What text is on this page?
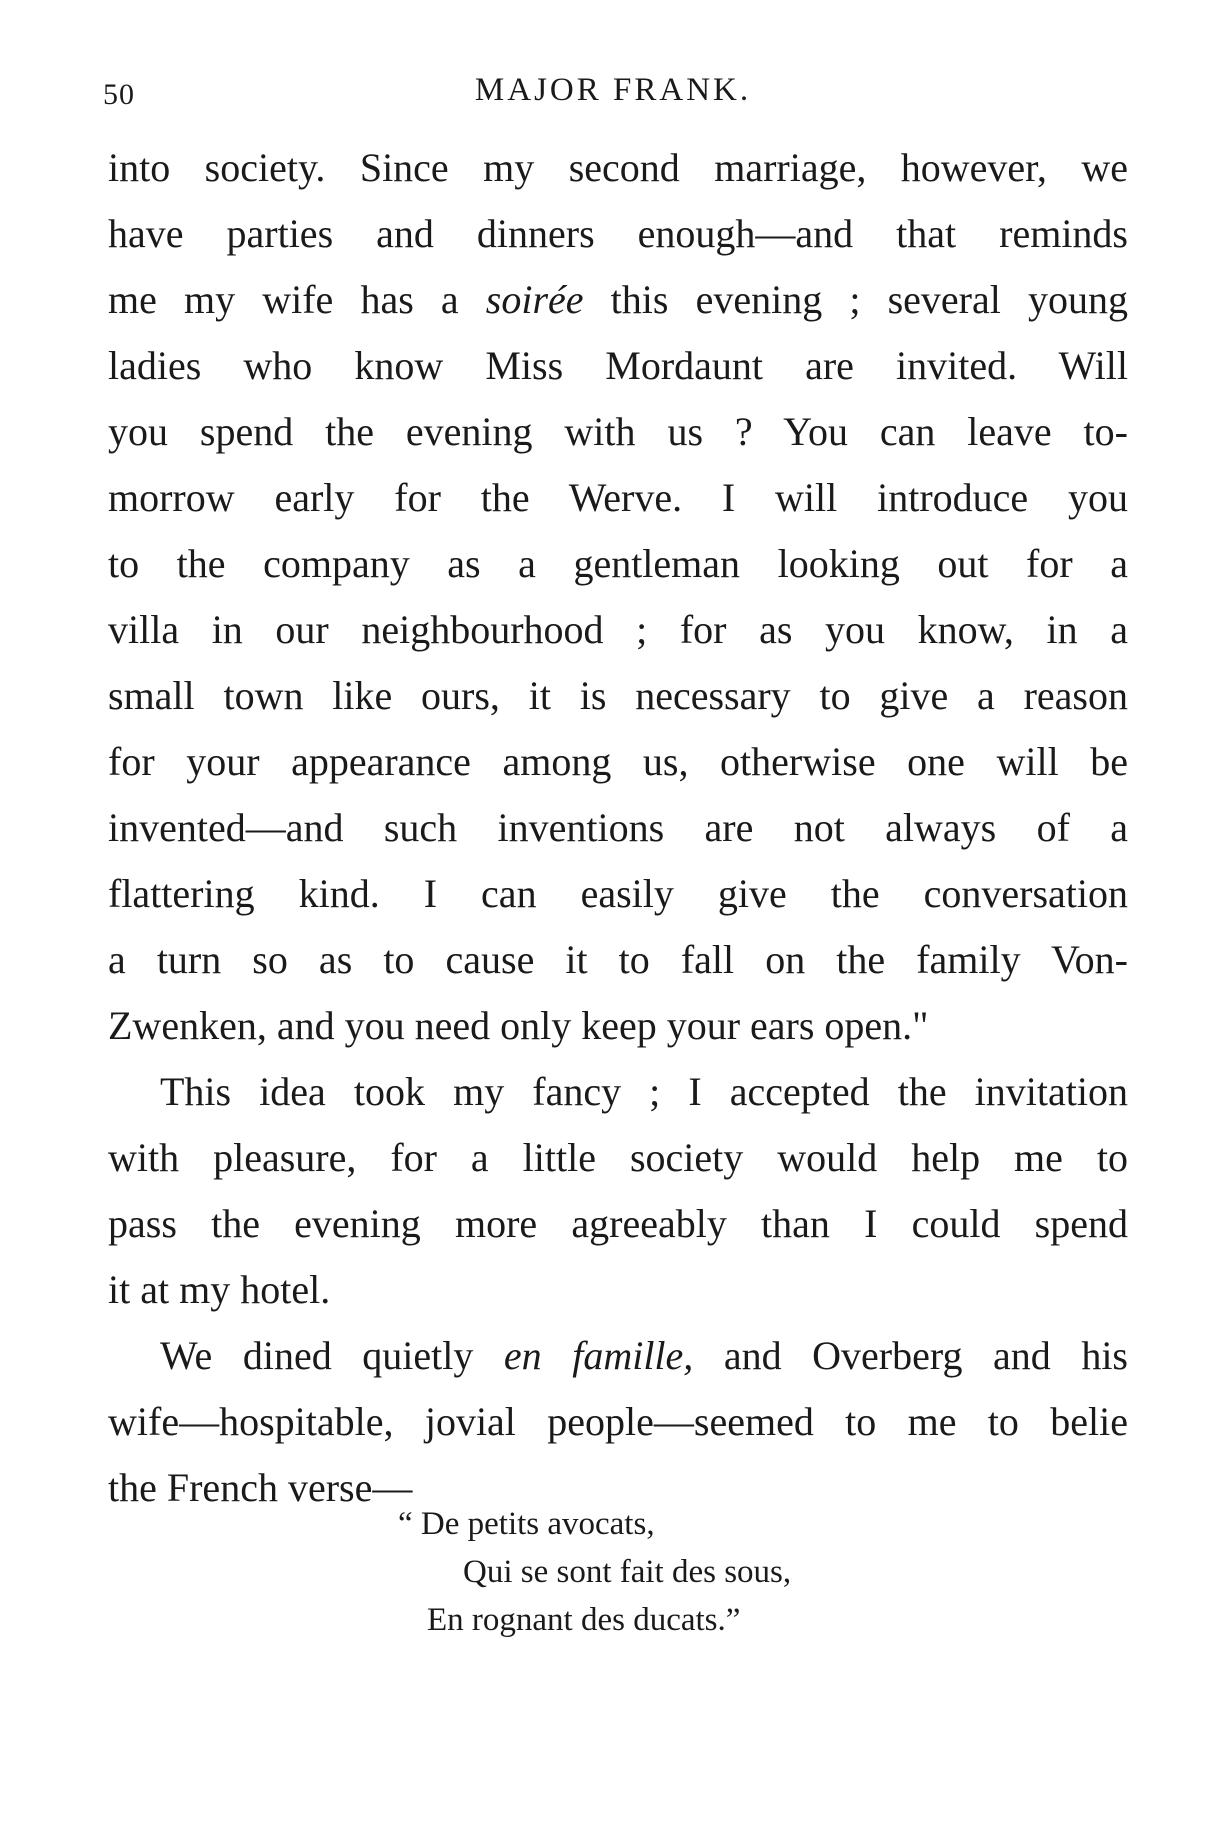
50	MAJOR FRANK.
into society. Since my second marriage, however, we
have parties and dinners enough—and that reminds
me my wife has a soirée this evening ; several young
ladies who know Miss Mordaunt are invited. Will
you spend the evening with us ? You can leave to-
morrow early for the Werve. I will introduce you
to the company as a gentleman looking out for a
villa in our neighbourhood ; for as you know, in a
small town like ours, it is necessary to give a reason
for your appearance among us, otherwise one will be
invented—and such inventions are not always of a
flattering kind. I can easily give the conversation
a turn so as to cause it to fall on the family Von-
Zwenken, and you need only keep your ears open."
This idea took my fancy ; I accepted the invitation
with pleasure, for a little society would help me to
pass the evening more agreeably than I could spend
it at my hotel.
We dined quietly en famille, and Overberg and his
wife—hospitable, jovial people—seemed to me to belie
the French verse—
“ De petits avocats,
Qui se sont fait des sous,
En rognant des ducats.”
